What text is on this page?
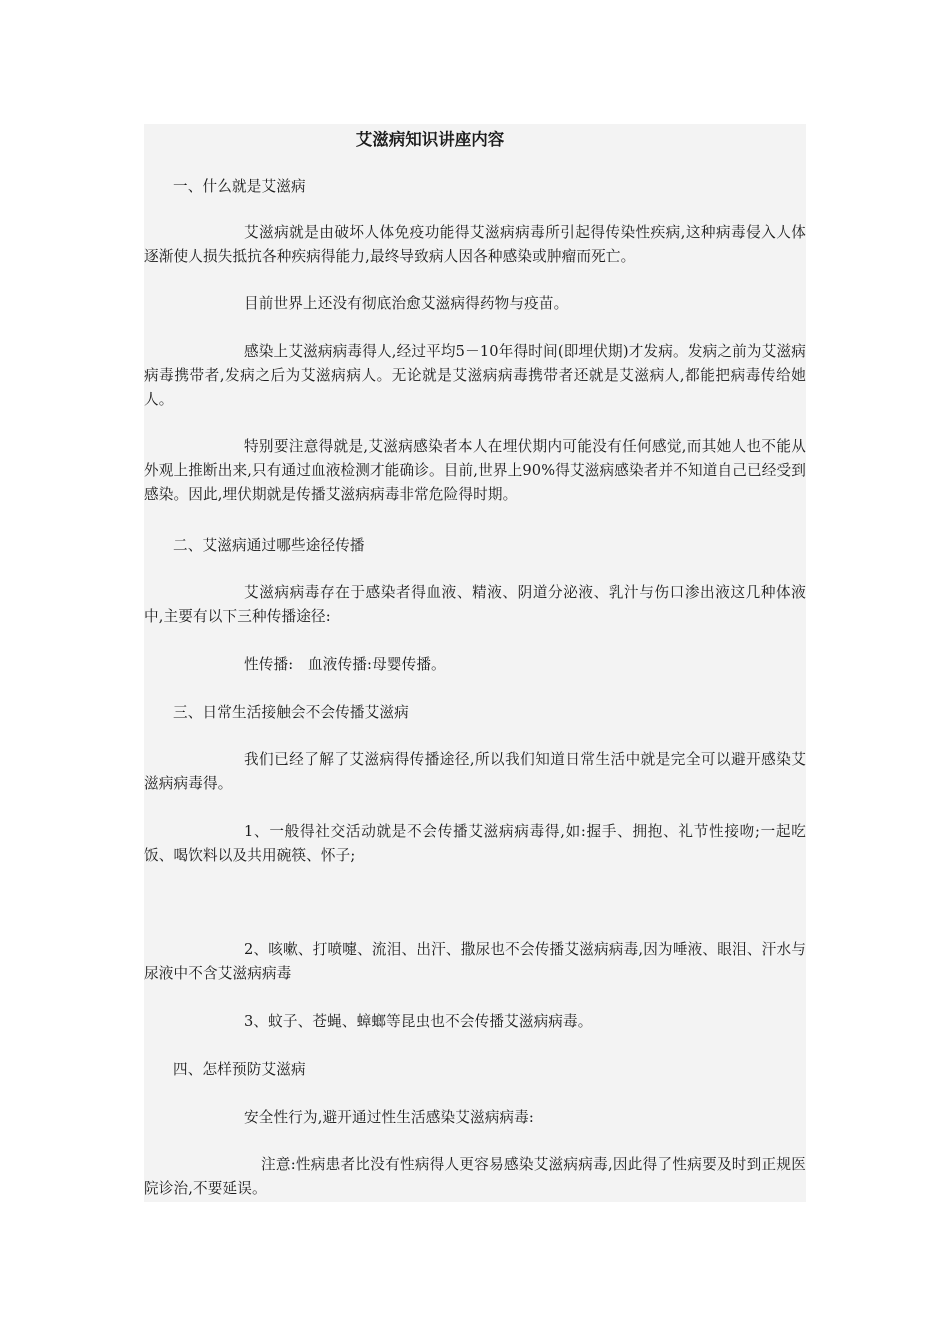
艾滋病知识讲座内容

一、什么就是艾滋病

艾滋病就是由破坏人体免疫功能得艾滋病病毒所引起得传染性疾病,这种病毒侵入人体逐渐使人损失抵抗各种疾病得能力,最终导致病人因各种感染或肿瘤而死亡。

目前世界上还没有彻底治愈艾滋病得药物与疫苗。

感染上艾滋病病毒得人,经过平均5－10年得时间(即埋伏期)才发病。发病之前为艾滋病病毒携带者,发病之后为艾滋病病人。无论就是艾滋病病毒携带者还就是艾滋病人,都能把病毒传给她人。

特别要注意得就是,艾滋病感染者本人在埋伏期内可能没有任何感觉,而其她人也不能从外观上推断出来,只有通过血液检测才能确诊。目前,世界上90%得艾滋病感染者并不知道自己已经受到感染。因此,埋伏期就是传播艾滋病病毒非常危险得时期。

二、艾滋病通过哪些途径传播

艾滋病病毒存在于感染者得血液、精液、阴道分泌液、乳汁与伤口渗出液这几种体液中,主要有以下三种传播途径:

性传播:　血液传播:母婴传播。

三、日常生活接触会不会传播艾滋病

我们已经了解了艾滋病得传播途径,所以我们知道日常生活中就是完全可以避开感染艾滋病病毒得。

1、一般得社交活动就是不会传播艾滋病病毒得,如:握手、拥抱、礼节性接吻;一起吃饭、喝饮料以及共用碗筷、怀子;

2、咳嗽、打喷嚏、流泪、出汗、撒尿也不会传播艾滋病病毒,因为唾液、眼泪、汗水与尿液中不含艾滋病病毒

3、蚊子、苍蝇、蟑螂等昆虫也不会传播艾滋病病毒。

四、怎样预防艾滋病

安全性行为,避开通过性生活感染艾滋病病毒:

注意:性病患者比没有性病得人更容易感染艾滋病病毒,因此得了性病要及时到正规医院诊治,不要延误。
